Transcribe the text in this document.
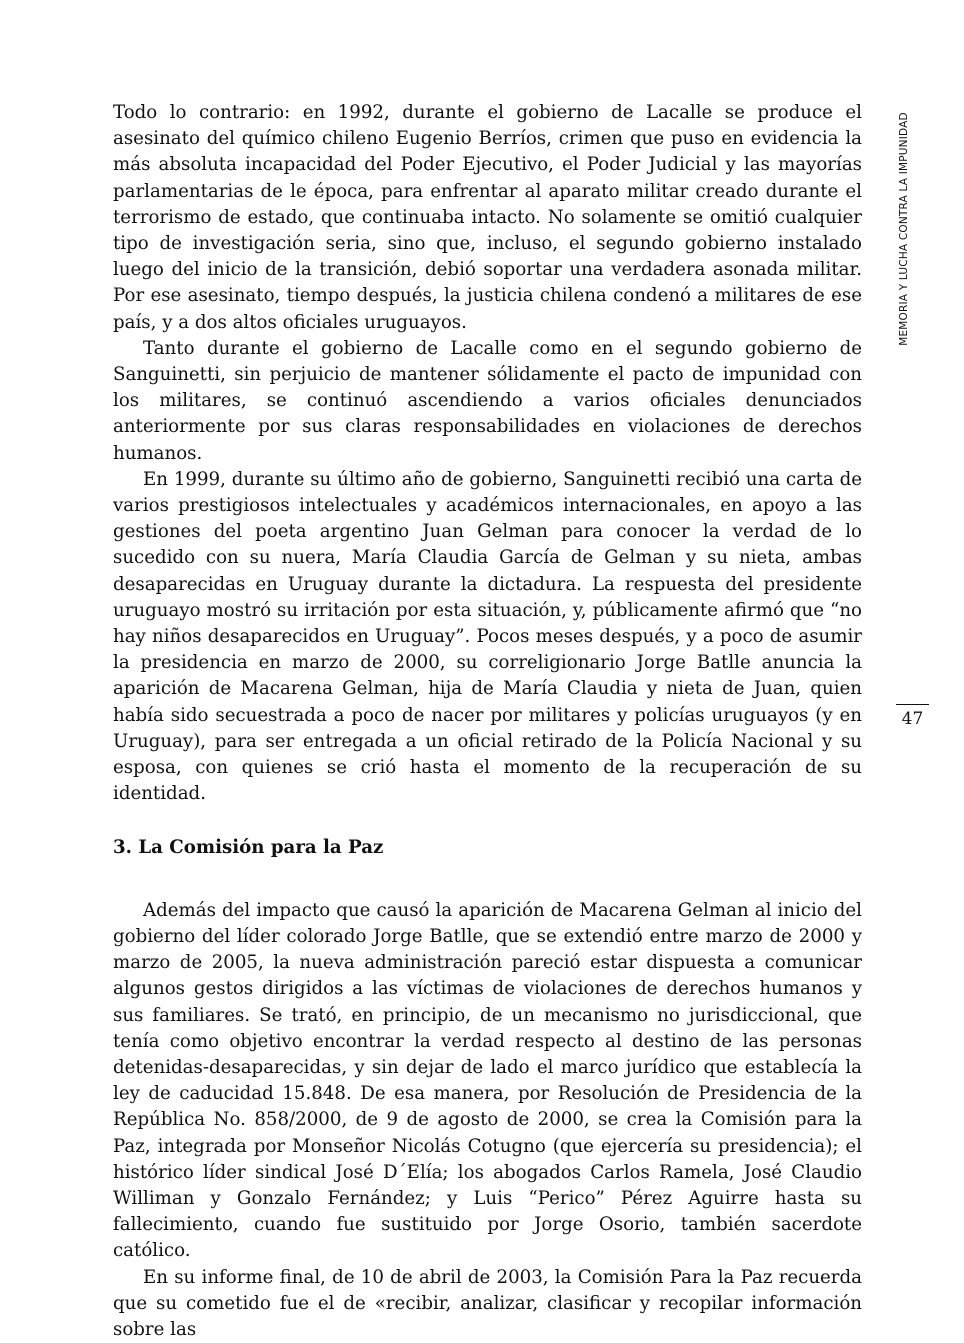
MEMORIA Y LUCHA CONTRA LA IMPUNIDAD
47

Todo lo contrario: en 1992, durante el gobierno de Lacalle se produce el asesinato del químico chileno Eugenio Berríos, crimen que puso en evidencia la más absoluta incapacidad del Poder Ejecutivo, el Poder Judicial y las mayorías parlamentarias de le época, para enfrentar al aparato militar creado durante el terrorismo de estado, que continuaba intacto. No solamente se omitió cualquier tipo de investigación seria, sino que, incluso, el segundo gobierno instalado luego del inicio de la transición, debió soportar una verdadera asonada militar. Por ese asesinato, tiempo después, la justicia chilena condenó a militares de ese país, y a dos altos oficiales uruguayos.

Tanto durante el gobierno de Lacalle como en el segundo gobierno de Sanguinetti, sin perjuicio de mantener sólidamente el pacto de impunidad con los militares, se continuó ascendiendo a varios oficiales denunciados anteriormente por sus claras responsabilidades en violaciones de derechos humanos.

En 1999, durante su último año de gobierno, Sanguinetti recibió una carta de varios prestigiosos intelectuales y académicos internacionales, en apoyo a las gestiones del poeta argentino Juan Gelman para conocer la verdad de lo sucedido con su nuera, María Claudia García de Gelman y su nieta, ambas desaparecidas en Uruguay durante la dictadura. La respuesta del presidente uruguayo mostró su irritación por esta situación, y, públicamente afirmó que “no hay niños desaparecidos en Uruguay”. Pocos meses después, y a poco de asumir la presidencia en marzo de 2000, su correligionario Jorge Batlle anuncia la aparición de Macarena Gelman, hija de María Claudia y nieta de Juan, quien había sido secuestrada a poco de nacer por militares y policías uruguayos (y en Uruguay), para ser entregada a un oficial retirado de la Policía Nacional y su esposa, con quienes se crió hasta el momento de la recuperación de su identidad.

3. La Comisión para la Paz

Además del impacto que causó la aparición de Macarena Gelman al inicio del gobierno del líder colorado Jorge Batlle, que se extendió entre marzo de 2000 y marzo de 2005, la nueva administración pareció estar dispuesta a comunicar algunos gestos dirigidos a las víctimas de violaciones de derechos humanos y sus familiares. Se trató, en principio, de un mecanismo no jurisdiccional, que tenía como objetivo encontrar la verdad respecto al destino de las personas detenidas-desaparecidas, y sin dejar de lado el marco jurídico que establecía la ley de caducidad 15.848. De esa manera, por Resolución de Presidencia de la República No. 858/2000, de 9 de agosto de 2000, se crea la Comisión para la Paz, integrada por Monseñor Nicolás Cotugno (que ejercería su presidencia); el histórico líder sindical José D´Elía; los abogados Carlos Ramela, José Claudio Williman y Gonzalo Fernández; y Luis “Perico” Pérez Aguirre hasta su fallecimiento, cuando fue sustituido por Jorge Osorio, también sacerdote católico.

En su informe final, de 10 de abril de 2003, la Comisión Para la Paz recuerda que su cometido fue el de «recibir, analizar, clasificar y recopilar información sobre las
